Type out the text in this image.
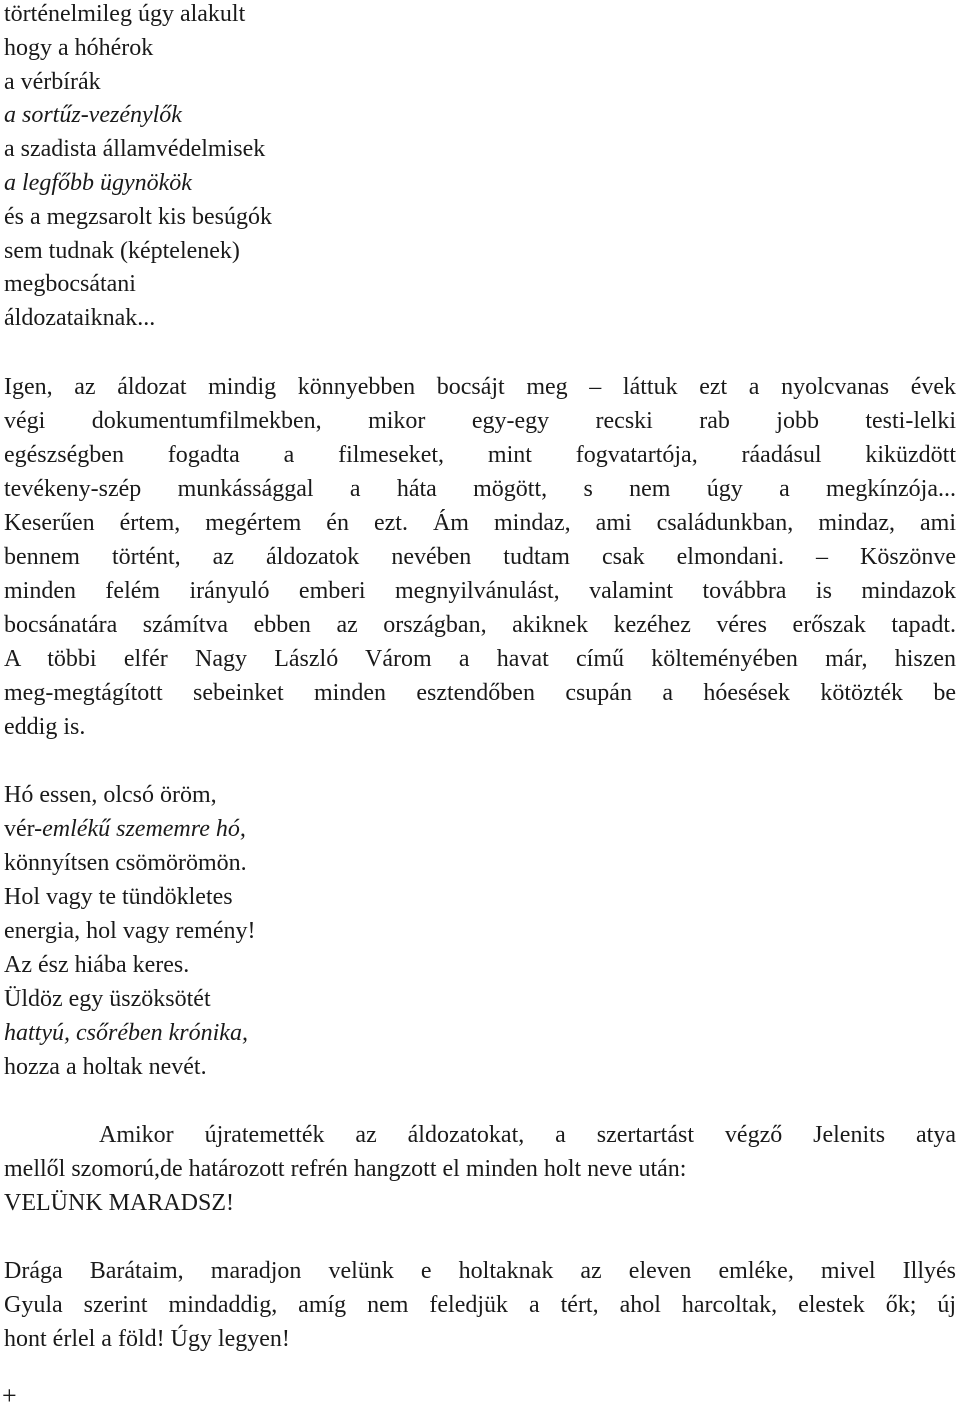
történelmileg úgy alakult
hogy a hóhérok
a vérbírák
a sortűz-vezénylők
a szadista államvédelmisek
a legfőbb ügynökök
és a megzsarolt kis besúgók
sem tudnak (képtelenek)
megbocsátani
áldozataiknak...
Igen, az áldozat mindig könnyebben bocsájt meg – láttuk ezt a nyolcvanas évek
végi dokumentumfilmekben, mikor egy-egy recski rab jobb testi-lelki
egészségben fogadta a filmeseket, mint fogvatartója, ráadásul kiküzdött
tevékeny-szép munkássággal a háta mögött, s nem úgy a megkínzója...
Keserűen értem, megértem én ezt. Ám mindaz, ami családunkban, mindaz, ami
bennem történt, az áldozatok nevében tudtam csak elmondani. – Köszönve
minden felém irányuló emberi megnyilvánulást, valamint továbbra is mindazok
bocsánatára számítva ebben az országban, akiknek kezéhez véres erőszak tapadt.
A többi elfér Nagy László Várom a havat című költeményében már, hiszen
meg-megtágított sebeinket minden esztendőben csupán a hóesések kötözték be
eddig is.
Hó essen, olcsó öröm,
vér-emlékű szememre hó,
könnyítsen csömörömön.
Hol vagy te tündökletes
energia, hol vagy remény!
Az ész hiába keres.
Üldöz egy üszöksötét
hattyú, csőrében krónika,
hozza a holtak nevét.
Amikor újratemették az áldozatokat, a szertartást végző Jelenits atya
mellől szomorú,de határozott refrén hangzott el minden holt neve után:
VELÜNK MARADSZ!
Drága Barátaim, maradjon velünk e holtaknak az eleven emléke, mivel Illyés
Gyula szerint mindaddig, amíg nem feledjük a tért, ahol harcoltak, elestek ők; új
hont érlel a föld! Úgy legyen!
+
